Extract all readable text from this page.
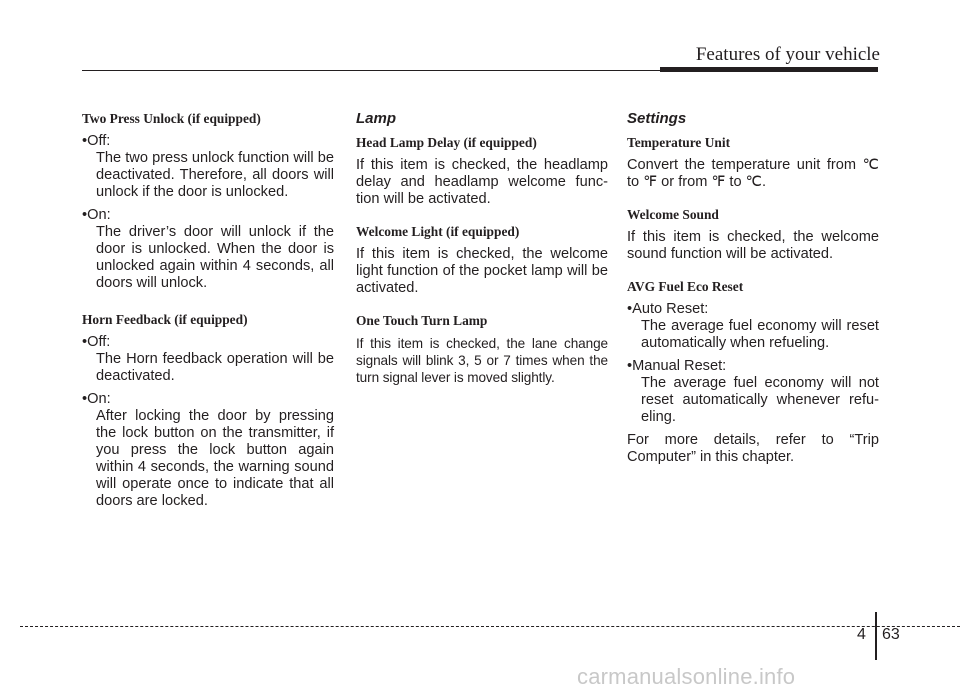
Features of your vehicle

Two Press Unlock (if equipped)

• Off:
The two press unlock function will be deactivated. Therefore, all doors will unlock if the door is unlocked.
• On:
The driver’s door will unlock if the door is unlocked. When the door is unlocked again within 4 seconds, all doors will unlock.

Horn Feedback (if equipped)

• Off:
The Horn feedback operation will be deactivated.
• On:
After locking the door by pressing the lock button on the transmitter, if you press the lock button again within 4 seconds, the warning sound will operate once to indicate that all doors are locked.

Lamp

Head Lamp Delay (if equipped)

If this item is checked, the headlamp delay and headlamp welcome func- tion will be activated.

Welcome Light (if equipped)

If this item is checked, the welcome light function of the pocket lamp will be activated.

One Touch Turn Lamp

If this item is checked, the lane change signals will blink 3, 5 or 7 times when the turn signal lever is moved slightly.

Settings

Temperature Unit

Convert the temperature unit from ℃ to ℉ or from ℉ to ℃.

Welcome Sound

If this item is checked, the welcome sound function will be activated.

AVG Fuel Eco Reset

• Auto Reset:
The average fuel economy will reset automatically when refueling.
• Manual Reset:
The average fuel economy will not reset automatically whenever refu- eling.

For more details, refer to “Trip Computer” in this chapter.

4 63
carmanualsonline.info
